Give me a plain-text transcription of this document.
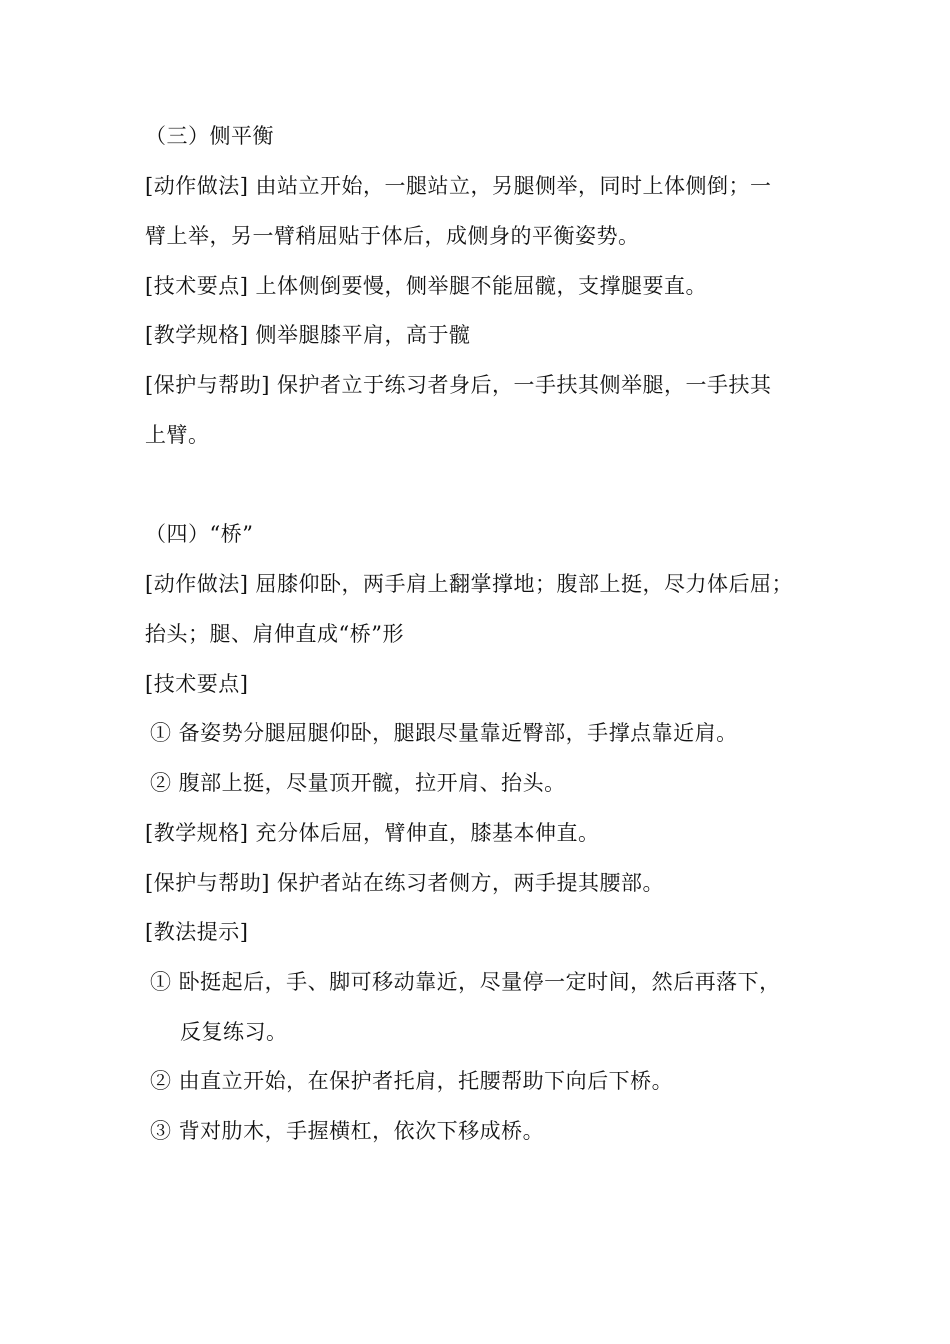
（三）侧平衡
[动作做法] 由站立开始，一腿站立，另腿侧举，同时上体侧倒；一
臂上举，另一臂稍屈贴于体后，成侧身的平衡姿势。
[技术要点] 上体侧倒要慢，侧举腿不能屈髋，支撑腿要直。
[教学规格] 侧举腿膝平肩，高于髋
[保护与帮助] 保护者立于练习者身后，一手扶其侧举腿，一手扶其
上臂。
（四）“桥”
[动作做法] 屈膝仰卧，两手肩上翻掌撑地；腹部上挺，尽力体后屈；
抬头；腿、肩伸直成“桥”形
[技术要点]
① 备姿势分腿屈腿仰卧，腿跟尽量靠近臀部，手撑点靠近肩。
② 腹部上挺，尽量顶开髋，拉开肩、抬头。
[教学规格] 充分体后屈，臂伸直，膝基本伸直。
[保护与帮助] 保护者站在练习者侧方，两手提其腰部。
[教法提示]
① 卧挺起后，手、脚可移动靠近，尽量停一定时间，然后再落下，
反复练习。
② 由直立开始，在保护者托肩，托腰帮助下向后下桥。
③ 背对肋木，手握横杠，依次下移成桥。
